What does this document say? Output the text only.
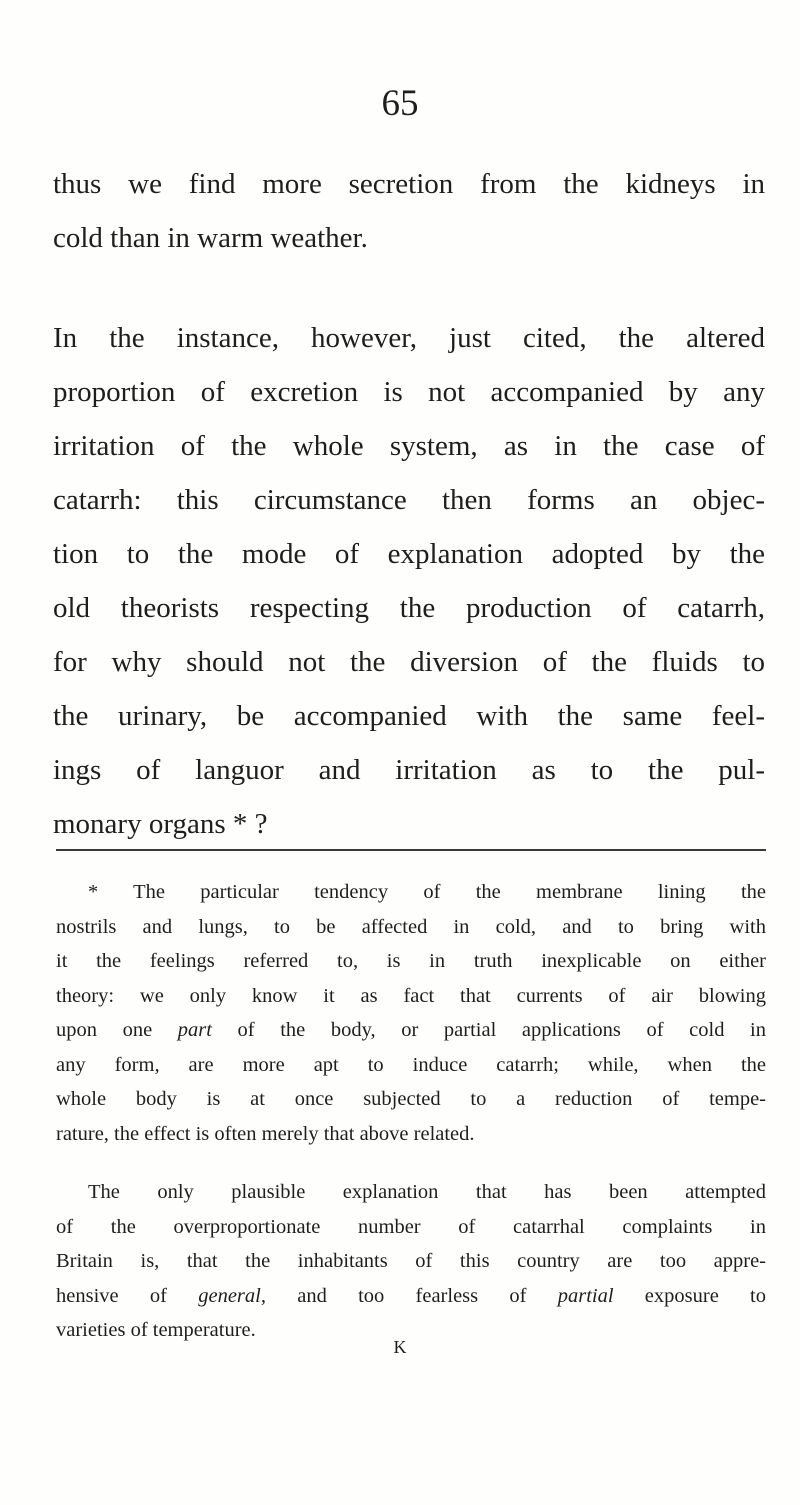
65
thus we find more secretion from the kidneys in
cold than in warm weather.
In the instance, however, just cited, the altered
proportion of excretion is not accompanied by any
irritation of the whole system, as in the case of
catarrh: this circumstance then forms an objec-
tion to the mode of explanation adopted by the
old theorists respecting the production of catarrh,
for why should not the diversion of the fluids to
the urinary, be accompanied with the same feel-
ings of languor and irritation as to the pul-
monary organs * ?
* The particular tendency of the membrane lining the
nostrils and lungs, to be affected in cold, and to bring with
it the feelings referred to, is in truth inexplicable on either
theory: we only know it as fact that currents of air blowing
upon one part of the body, or partial applications of cold in
any form, are more apt to induce catarrh; while, when the
whole body is at once subjected to a reduction of tempe-
rature, the effect is often merely that above related.
The only plausible explanation that has been attempted
of the overproportionate number of catarrhal complaints in
Britain is, that the inhabitants of this country are too appre-
hensive of general, and too fearless of partial exposure to
varieties of temperature.
K
